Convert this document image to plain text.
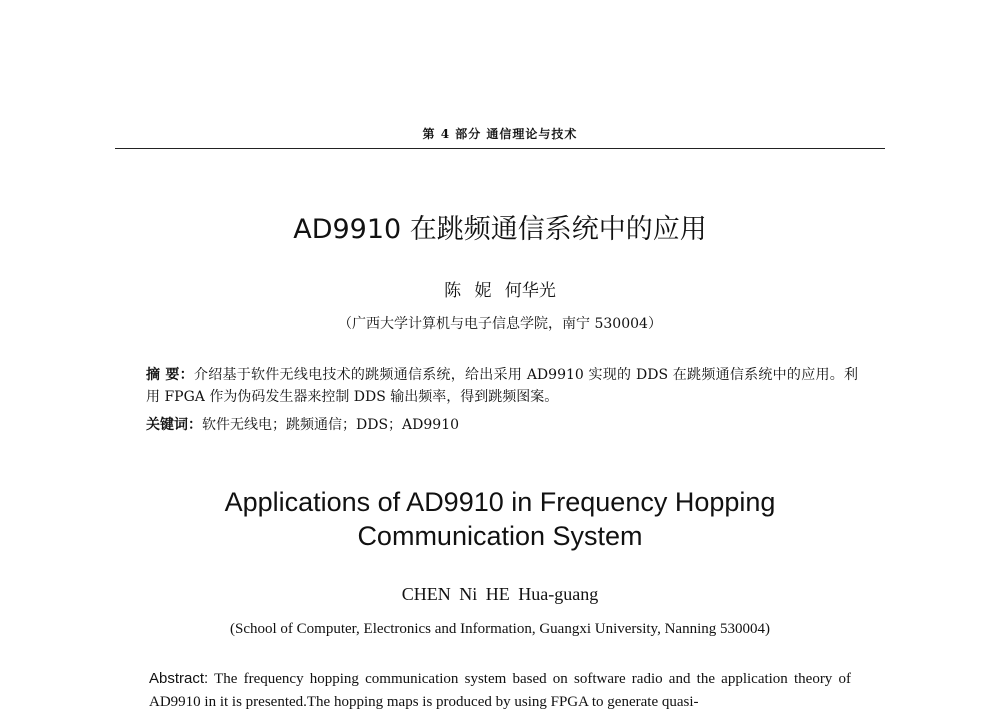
第 4 部分 通信理论与技术
AD9910 在跳频通信系统中的应用
陈 妮 何华光
（广西大学计算机与电子信息学院，南宁 530004）
摘 要：介绍基于软件无线电技术的跳频通信系统，给出采用 AD9910 实现的 DDS 在跳频通信系统中的应用。利用 FPGA 作为伪码发生器来控制 DDS 输出频率，得到跳频图案。
关键词：软件无线电；跳频通信；DDS；AD9910
Applications of AD9910 in Frequency Hopping
Communication System
CHEN Ni HE Hua-guang
(School of Computer, Electronics and Information, Guangxi University, Nanning 530004)
Abstract: The frequency hopping communication system based on software radio and the application theory of AD9910 in it is presented.The hopping maps is produced by using FPGA to generate quasi-
